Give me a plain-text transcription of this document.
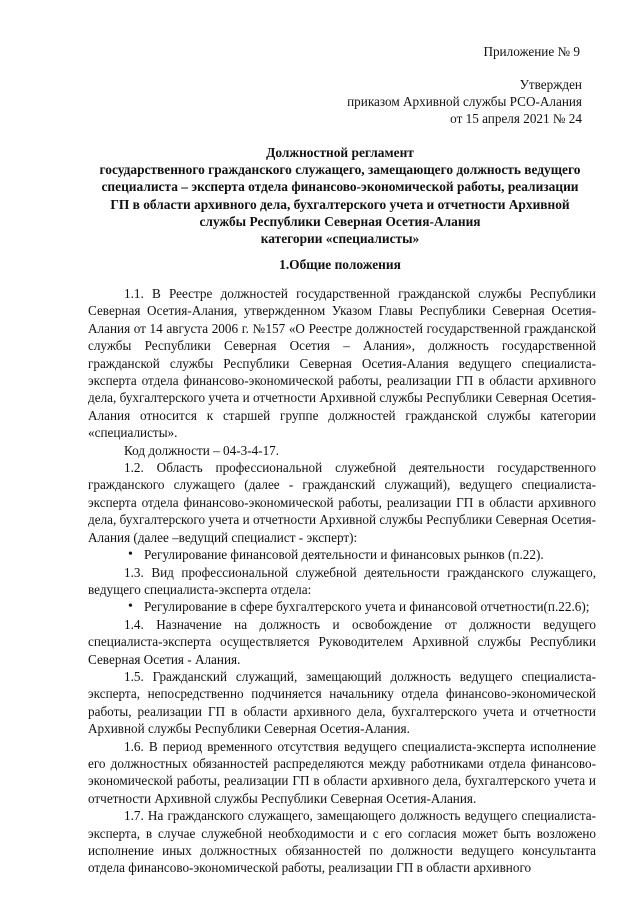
Приложение № 9
Утвержден
приказом Архивной службы РСО-Алания
от 15 апреля 2021 № 24
Должностной регламент
государственного гражданского служащего, замещающего должность ведущего
специалиста – эксперта отдела финансово-экономической работы, реализации
ГП в области архивного дела, бухгалтерского учета и отчетности Архивной
службы Республики Северная Осетия-Алания
категории «специалисты»
1.Общие положения

1.1. В Реестре должностей государственной гражданской службы Республики Северная Осетия-Алания, утвержденном Указом Главы Республики Северная Осетия-Алания от 14 августа 2006 г. №157 «О Реестре должностей государственной гражданской службы Республики Северная Осетия – Алания», должность государственной гражданской службы Республики Северная Осетия-Алания ведущего специалиста-эксперта отдела финансово-экономической работы, реализации ГП в области архивного дела, бухгалтерского учета и отчетности Архивной службы Республики Северная Осетия-Алания относится к старшей группе должностей гражданской службы категории «специалисты».

Код должности – 04-3-4-17.

1.2. Область профессиональной служебной деятельности государственного гражданского служащего (далее - гражданский служащий), ведущего специалиста-эксперта отдела финансово-экономической работы, реализации ГП в области архивного дела, бухгалтерского учета и отчетности Архивной службы Республики Северная Осетия-Алания (далее –ведущий специалист - эксперт):

• Регулирование финансовой деятельности и финансовых рынков (п.22).

1.3. Вид профессиональной служебной деятельности гражданского служащего, ведущего специалиста-эксперта отдела:

• Регулирование в сфере бухгалтерского учета и финансовой отчетности(п.22.6);

1.4. Назначение на должность и освобождение от должности ведущего специалиста-эксперта осуществляется Руководителем Архивной службы Республики Северная Осетия - Алания.

1.5. Гражданский служащий, замещающий должность ведущего специалиста-эксперта, непосредственно подчиняется начальнику отдела финансово-экономической работы, реализации ГП в области архивного дела, бухгалтерского учета и отчетности Архивной службы Республики Северная Осетия-Алания.

1.6. В период временного отсутствия ведущего специалиста-эксперта исполнение его должностных обязанностей распределяются между работниками отдела финансово-экономической работы, реализации ГП в области архивного дела, бухгалтерского учета и отчетности Архивной службы Республики Северная Осетия-Алания.

1.7. На гражданского служащего, замещающего должность ведущего специалиста-эксперта, в случае служебной необходимости и с его согласия может быть возложено исполнение иных должностных обязанностей по должности ведущего консультанта отдела финансово-экономической работы, реализации ГП в области архивного
